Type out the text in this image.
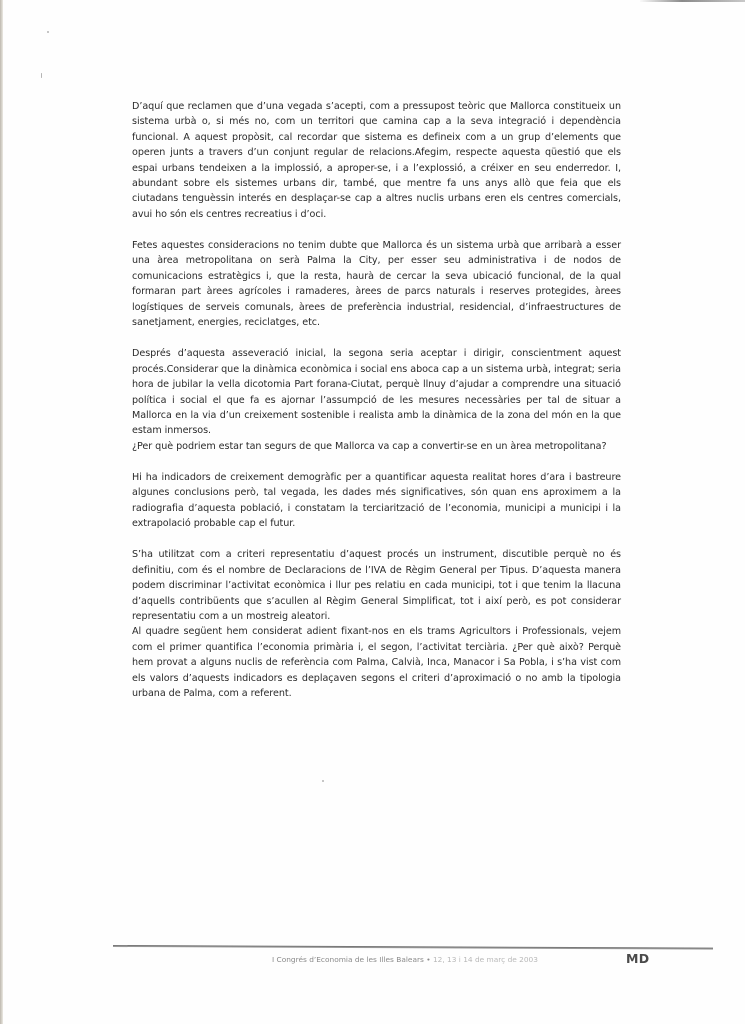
D’aquí que reclamen que d’una vegada s’acepti, com a pressupost teòric que Mallorca constitueix un sistema urbà o, si més no, com un territori que camina cap a la seva integració i dependència funcional. A aquest propòsit, cal recordar que sistema es defineix com a un grup d’elements que operen junts a travers d’un conjunt regular de relacions.Afegim, respecte aquesta qüestió que els espai urbans tendeixen a la implossió, a aproper-se, i a l’explossió, a créixer en seu enderredor. I, abundant sobre els sistemes urbans dir, també, que mentre fa uns anys allò que feia que els ciutadans tenguèssin interés en desplaçar-se cap a altres nuclis urbans eren els centres comercials, avui ho són els centres recreatius i d’oci.

Fetes aquestes consideracions no tenim dubte que Mallorca és un sistema urbà que arribarà a esser una àrea metropolitana on serà Palma la City, per esser seu administrativa i de nodos de comunicacions estratègics i, que la resta, haurà de cercar la seva ubicació funcional, de la qual formaran part àrees agrícoles i ramaderes, àrees de parcs naturals i reserves protegides, àrees logístiques de serveis comunals, àrees de preferència industrial, residencial, d’infraestructures de sanetjament, energies, reciclatges, etc.

Després d’aquesta asseveració inicial, la segona seria aceptar i dirigir, conscientment aquest procés.Considerar que la dinàmica econòmica i social ens aboca cap a un sistema urbà, integrat; seria hora de jubilar la vella dicotomia Part forana-Ciutat, perquè llnuy d’ajudar a comprendre una situació política i social el que fa es ajornar l’assumpció de les mesures necessàries per tal de situar a Mallorca en la via d’un creixement sostenible i realista amb la dinàmica de la zona del món en la que estam inmersos.

¿Per què podriem estar tan segurs de que Mallorca va cap a convertir-se en un àrea metropolitana?

Hi ha indicadors de creixement demogràfic per a quantificar aquesta realitat hores d’ara i bastreure algunes conclusions però, tal vegada, les dades més significatives, són quan ens aproximem a la radiografia d’aquesta població, i constatam la terciarització de l’economia, municipi a municipi i la extrapolació probable cap el futur.

S’ha utilitzat com a criteri representatiu d’aquest procés un instrument, discutible perquè no és definitiu, com és el nombre de Declaracions de l’IVA de Règim General per Tipus. D’aquesta manera podem discriminar l’activitat econòmica i llur pes relatiu en cada municipi, tot i que tenim la llacuna d’aquells contribüents que s’acullen al Règim General Simplificat, tot i així però, es pot considerar representatiu com a un mostreig aleatori.

Al quadre següent hem considerat adient fixant-nos en els trams Agricultors i Professionals, vejem com el primer quantifica l’economia primària i, el segon, l’activitat terciària. ¿Per què això? Perquè hem provat a alguns nuclis de referència com Palma, Calvià, Inca, Manacor i Sa Pobla, i s’ha vist com els valors d’aquests indicadors es deplaçaven segons el criteri d’aproximació o no amb la tipologia urbana de Palma, com a referent.

I Congrés d’Economia de les Illes Balears • 12, 13 i 14 de març de 2003	MD
